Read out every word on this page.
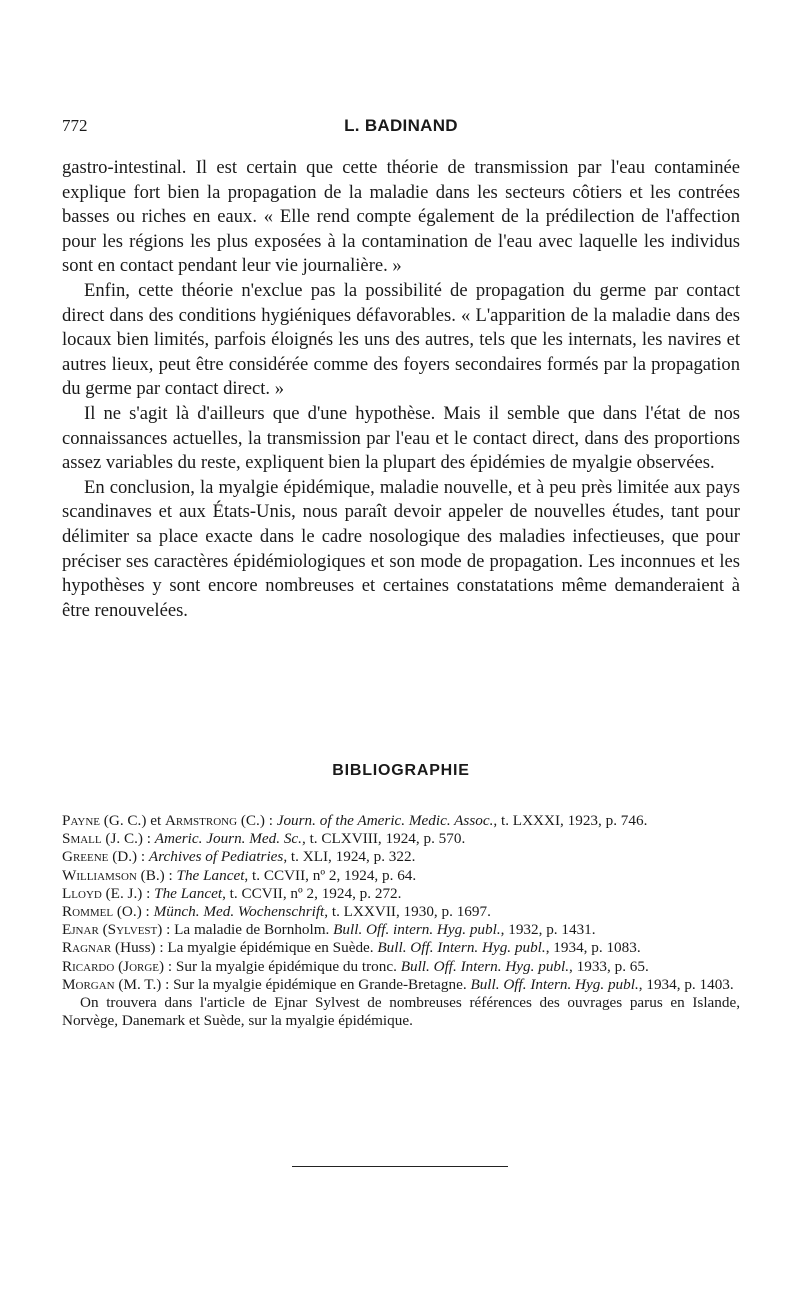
772	L. BADINAND

gastro-intestinal. Il est certain que cette théorie de transmission par l'eau contaminée explique fort bien la propagation de la maladie dans les secteurs côtiers et les contrées basses ou riches en eaux. « Elle rend compte également de la prédilection de l'affection pour les régions les plus exposées à la contamination de l'eau avec laquelle les individus sont en contact pendant leur vie journalière. »

Enfin, cette théorie n'exclue pas la possibilité de propagation du germe par contact direct dans des conditions hygiéniques défavorables. « L'apparition de la maladie dans des locaux bien limités, parfois éloignés les uns des autres, tels que les internats, les navires et autres lieux, peut être considérée comme des foyers secondaires formés par la propagation du germe par contact direct. »

Il ne s'agit là d'ailleurs que d'une hypothèse. Mais il semble que dans l'état de nos connaissances actuelles, la transmission par l'eau et le contact direct, dans des proportions assez variables du reste, expliquent bien la plupart des épidémies de myalgie observées.

En conclusion, la myalgie épidémique, maladie nouvelle, et à peu près limitée aux pays scandinaves et aux États-Unis, nous paraît devoir appeler de nouvelles études, tant pour délimiter sa place exacte dans le cadre nosologique des maladies infectieuses, que pour préciser ses caractères épidémiologiques et son mode de propagation. Les inconnues et les hypothèses y sont encore nombreuses et certaines constatations même demanderaient à être renouvelées.

BIBLIOGRAPHIE
Payne (G. C.) et Armstrong (C.) : Journ. of the Americ. Medic. Assoc., t. LXXXI, 1923, p. 746.
Small (J. C.) : Americ. Journ. Med. Sc., t. CLXVIII, 1924, p. 570.
Greene (D.) : Archives of Pediatries, t. XLI, 1924, p. 322.
Williamson (B.) : The Lancet, t. CCVII, nº 2, 1924, p. 64.
Lloyd (E. J.) : The Lancet, t. CCVII, nº 2, 1924, p. 272.
Rommel (O.) : Münch. Med. Wochenschrift, t. LXXVII, 1930, p. 1697.
Ejnar (Sylvest) : La maladie de Bornholm. Bull. Off. intern. Hyg. publ., 1932, p. 1431.
Ragnar (Huss) : La myalgie épidémique en Suède. Bull. Off. Intern. Hyg. publ., 1934, p. 1083.
Ricardo (Jorge) : Sur la myalgie épidémique du tronc. Bull. Off. Intern. Hyg. publ., 1933, p. 65.
Morgan (M. T.) : Sur la myalgie épidémique en Grande-Bretagne. Bull. Off. Intern. Hyg. publ., 1934, p. 1403.
On trouvera dans l'article de Ejnar Sylvest de nombreuses références des ouvrages parus en Islande, Norvège, Danemark et Suède, sur la myalgie épidémique.
